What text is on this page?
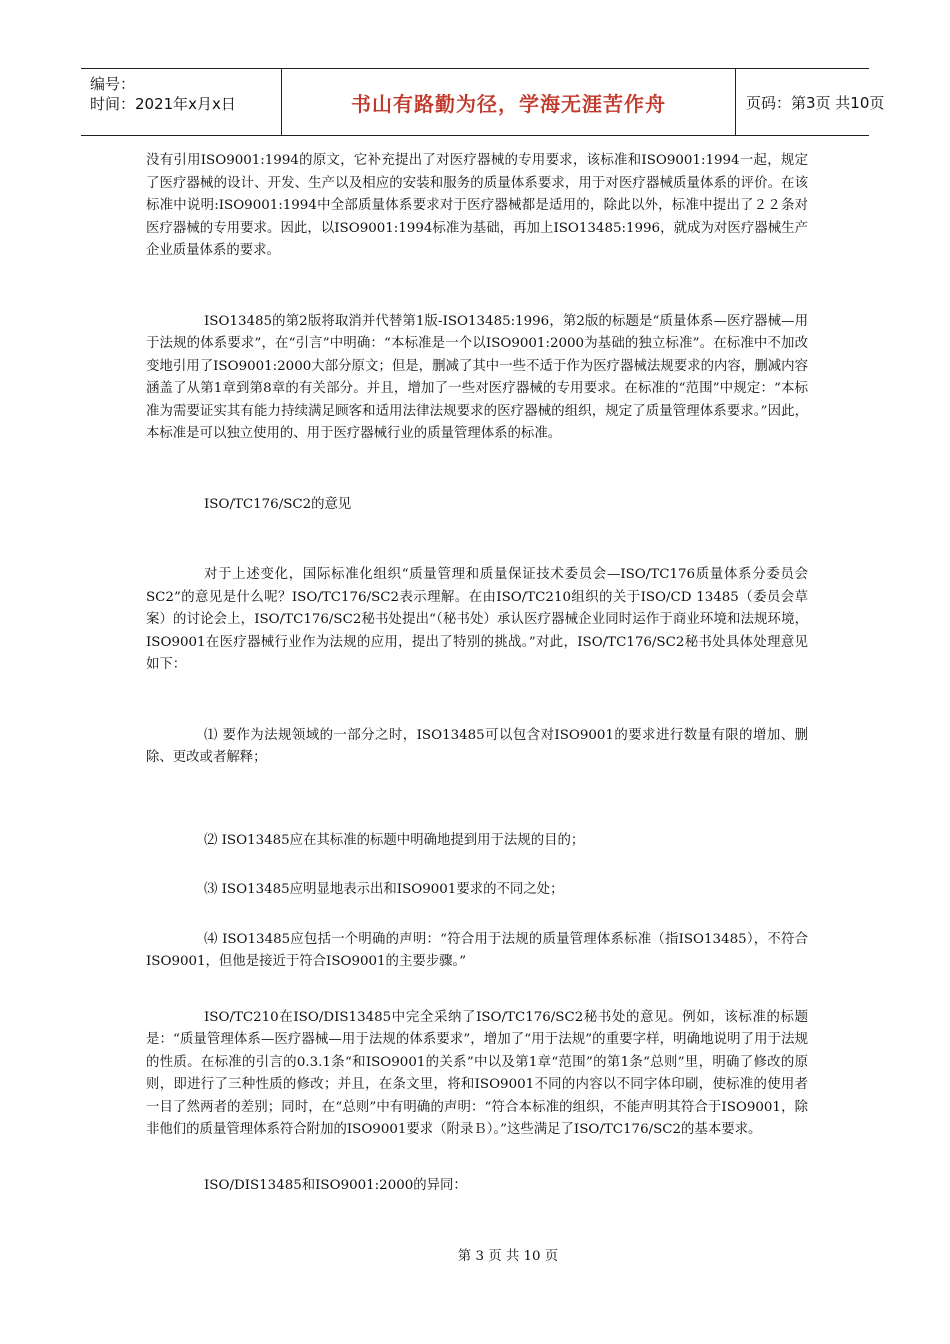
编号：
时间：2021年x月x日	书山有路勤为径，学海无涯苦作舟	页码：第3页 共10页

没有引用ISO9001:1994的原文，它补充提出了对医疗器械的专用要求，该标准和ISO9001:1994一起，规定了医疗器械的设计、开发、生产以及相应的安装和服务的质量体系要求，用于对医疗器械质量体系的评价。在该标准中说明:ISO9001:1994中全部质量体系要求对于医疗器械都是适用的，除此以外，标准中提出了２２条对医疗器械的专用要求。因此，以ISO9001:1994标准为基础，再加上ISO13485:1996，就成为对医疗器械生产企业质量体系的要求。

ISO13485的第2版将取消并代替第1版-ISO13485:1996，第2版的标题是“质量体系—医疗器械—用于法规的体系要求”，在“引言”中明确：“本标准是一个以ISO9001:2000为基础的独立标准”。在标准中不加改变地引用了ISO9001:2000大部分原文；但是，删减了其中一些不适于作为医疗器械法规要求的内容，删减内容涵盖了从第1章到第8章的有关部分。并且，增加了一些对医疗器械的专用要求。在标准的“范围”中规定：“本标准为需要证实其有能力持续满足顾客和适用法律法规要求的医疗器械的组织，规定了质量管理体系要求。”因此，本标准是可以独立使用的、用于医疗器械行业的质量管理体系的标准。

ISO/TC176/SC2的意见

对于上述变化，国际标准化组织“质量管理和质量保证技术委员会—ISO/TC176质量体系分委员会SC2”的意见是什么呢？ISO/TC176/SC2表示理解。在由ISO/TC210组织的关于ISO/CD 13485（委员会草案）的讨论会上，ISO/TC176/SC2秘书处提出“（秘书处）承认医疗器械企业同时运作于商业环境和法规环境，ISO9001在医疗器械行业作为法规的应用，提出了特别的挑战。”对此，ISO/TC176/SC2秘书处具体处理意见如下：

⑴ 要作为法规领域的一部分之时，ISO13485可以包含对ISO9001的要求进行数量有限的增加、删除、更改或者解释；

⑵ ISO13485应在其标准的标题中明确地提到用于法规的目的；

⑶ ISO13485应明显地表示出和ISO9001要求的不同之处；

⑷ ISO13485应包括一个明确的声明：“符合用于法规的质量管理体系标准（指ISO13485），不符合 ISO9001，但他是接近于符合ISO9001的主要步骤。”

ISO/TC210在ISO/DIS13485中完全采纳了ISO/TC176/SC2秘书处的意见。例如，该标准的标题是：“质量管理体系—医疗器械—用于法规的体系要求”，增加了“用于法规”的重要字样，明确地说明了用于法规的性质。在标准的引言的0.3.1条“和ISO9001的关系”中以及第1章“范围”的第1条“总则”里，明确了修改的原则，即进行了三种性质的修改；并且，在条文里，将和ISO9001不同的内容以不同字体印刷，使标准的使用者一目了然两者的差别；同时，在“总则”中有明确的声明：“符合本标准的组织，不能声明其符合于ISO9001，除非他们的质量管理体系符合附加的ISO9001要求（附录Ｂ）。”这些满足了ISO/TC176/SC2的基本要求。

ISO/DIS13485和ISO9001:2000的异同：

第 3 页 共 10 页
